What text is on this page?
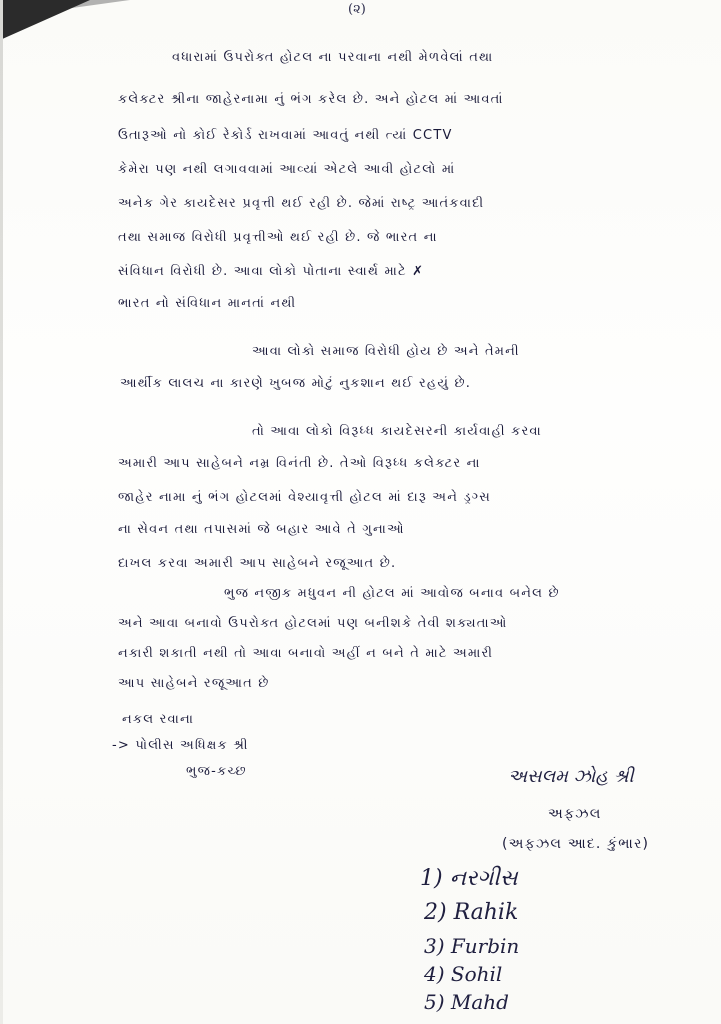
(૨)
વધારામાં ઉપરોક્ત હોટલ ના પરવાના નથી મેળવેલાં તથા
કલેક્ટર શ્રીના જાહેરનામા નું ભંગ કરેલ છે. અને હોટલ માં આવતાં
ઉતારૂઓ નો કોઈ રેકોર્ડ રાખવામાં આવતું નથી ત્યાં CCTV
કેમેરા પણ નથી લગાવવામાં આવ્યાં એટલે આવી હોટલો માં
અનેક ગેર કાયદેસર પ્રવૃત્તી થઈ રહી છે. જેમાં રાષ્ટ્ર આતંકવાદી
તથા સમાજ વિરોધી પ્રવૃત્તીઓ થઈ રહી છે. જે ભારત ના
સંવિધાન વિરોધી છે. આવા લોકો પોતાના સ્વાર્થ માટે ✗
ભારત નો સંવિધાન માનતાં નથી
આવા લોકો સમાજ વિરોધી હોય છે અને તેમની
આર્થીક લાલચ ના કારણે ખુબજ મોટું નુકશાન થઈ રહયું છે.
તો આવા લોકો વિરૂધ્ધ કાયદેસરની કાર્યવાહી કરવા
અમારી આપ સાહેબને નમ્ર વિનંતી છે. તેઓ વિરૂધ્ધ કલેક્ટર ના
જાહેર નામા નું ભંગ હોટલમાં વેશ્યાવૃત્તી હોટલ માં દારૂ અને ડ્રગ્સ
ના સેવન તથા તપાસમાં જે બહાર આવે તે ગુનાઓ
દાખલ કરવા અમારી આપ સાહેબને રજૂઆત છે.
ભુજ નજીક મધુવન ની હોટલ માં આવોજ બનાવ બનેલ છે
અને આવા બનાવો ઉપરોક્ત હોટલમાં પણ બનીશકે તેવી શક્યતાઓ
નકારી શકાતી નથી તો આવા બનાવો અહીં ન બને તે માટે અમારી
આપ સાહેબને રજૂઆત છે
નકલ રવાના
-> પોલીસ અધિક્ષક શ્રી
ભુજ-કચ્છ	અસલમ ઝોહ શ્રી
અફઝલ
(અફઝલ આદ. કુંભાર)
1) નરગીસ
2) Rahik
3) Furbin
4) Sohil
5) Mahd
